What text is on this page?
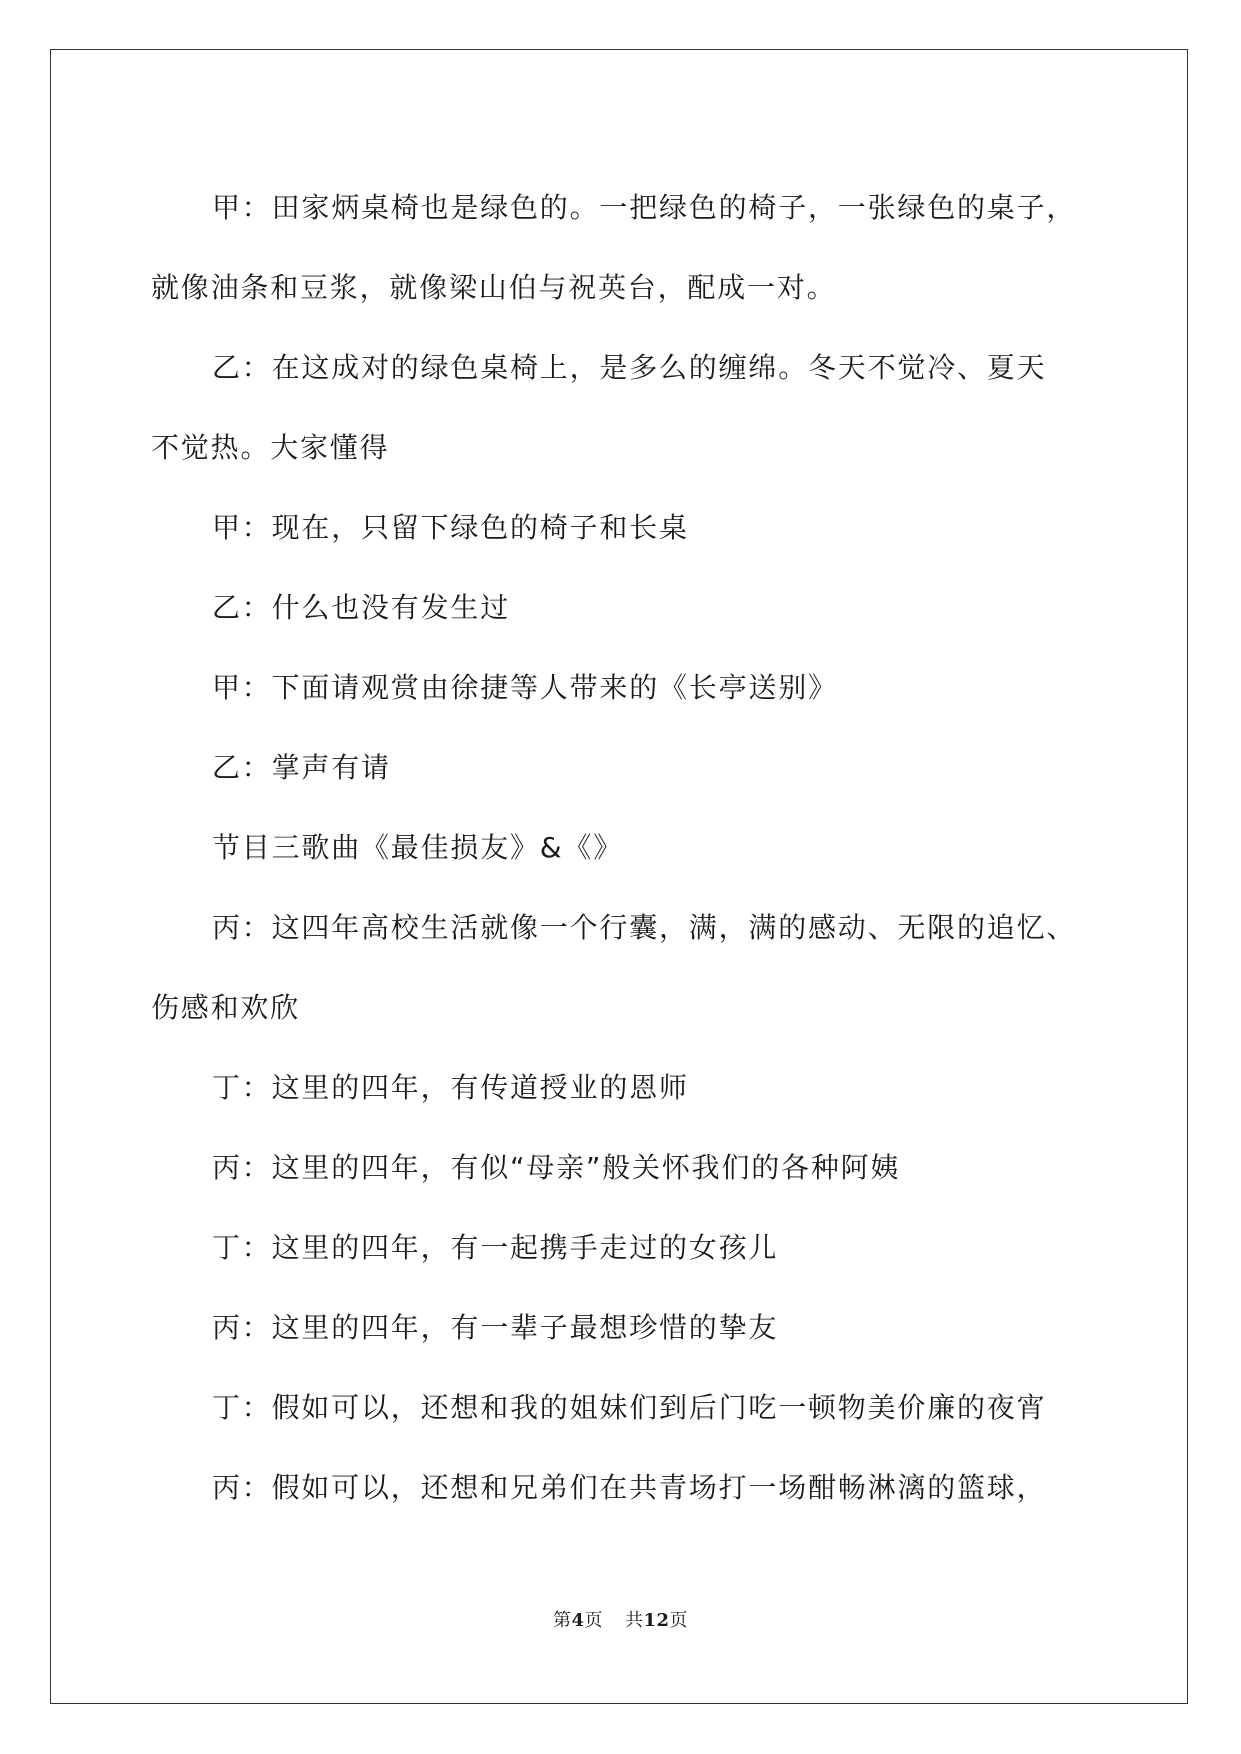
甲：田家炳桌椅也是绿色的。一把绿色的椅子，一张绿色的桌子，

就像油条和豆浆，就像梁山伯与祝英台，配成一对。

乙：在这成对的绿色桌椅上，是多么的缠绵。冬天不觉冷、夏天

不觉热。大家懂得

甲：现在，只留下绿色的椅子和长桌

乙：什么也没有发生过

甲：下面请观赏由徐捷等人带来的《长亭送别》

乙：掌声有请

节目三歌曲《最佳损友》&《》

丙：这四年高校生活就像一个行囊，满，满的感动、无限的追忆、

伤感和欢欣

丁：这里的四年，有传道授业的恩师

丙：这里的四年，有似“母亲”般关怀我们的各种阿姨

丁：这里的四年，有一起携手走过的女孩儿

丙：这里的四年，有一辈子最想珍惜的挚友

丁：假如可以，还想和我的姐妹们到后门吃一顿物美价廉的夜宵

丙：假如可以，还想和兄弟们在共青场打一场酣畅淋漓的篮球，

第4页 共12页
